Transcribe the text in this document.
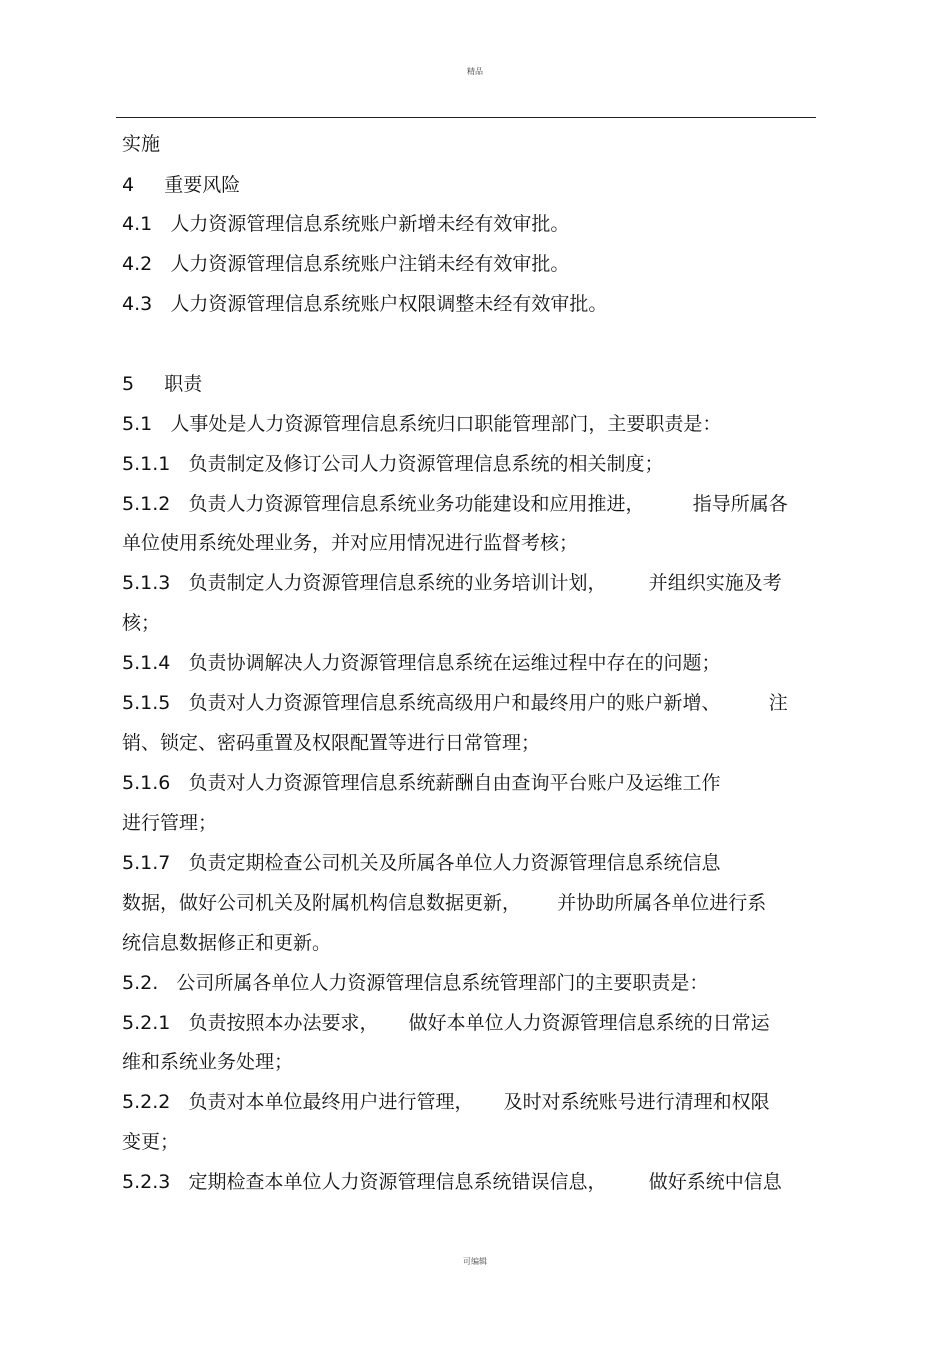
精品
实施
4     重要风险
4.1   人力资源管理信息系统账户新增未经有效审批。
4.2   人力资源管理信息系统账户注销未经有效审批。
4.3   人力资源管理信息系统账户权限调整未经有效审批。
5     职责
5.1   人事处是人力资源管理信息系统归口职能管理部门，主要职责是：
5.1.1   负责制定及修订公司人力资源管理信息系统的相关制度；
5.1.2   负责人力资源管理信息系统业务功能建设和应用推进，        指导所属各
单位使用系统处理业务，并对应用情况进行监督考核；
5.1.3   负责制定人力资源管理信息系统的业务培训计划，       并组织实施及考
核；
5.1.4   负责协调解决人力资源管理信息系统在运维过程中存在的问题；
5.1.5   负责对人力资源管理信息系统高级用户和最终用户的账户新增、        注
销、锁定、密码重置及权限配置等进行日常管理；
5.1.6   负责对人力资源管理信息系统薪酬自由查询平台账户及运维工作
进行管理；
5.1.7   负责定期检查公司机关及所属各单位人力资源管理信息系统信息
数据，做好公司机关及附属机构信息数据更新，      并协助所属各单位进行系
统信息数据修正和更新。
5.2.   公司所属各单位人力资源管理信息系统管理部门的主要职责是：
5.2.1   负责按照本办法要求，     做好本单位人力资源管理信息系统的日常运
维和系统业务处理；
5.2.2   负责对本单位最终用户进行管理，     及时对系统账号进行清理和权限
变更；
5.2.3   定期检查本单位人力资源管理信息系统错误信息，       做好系统中信息
可编辑
